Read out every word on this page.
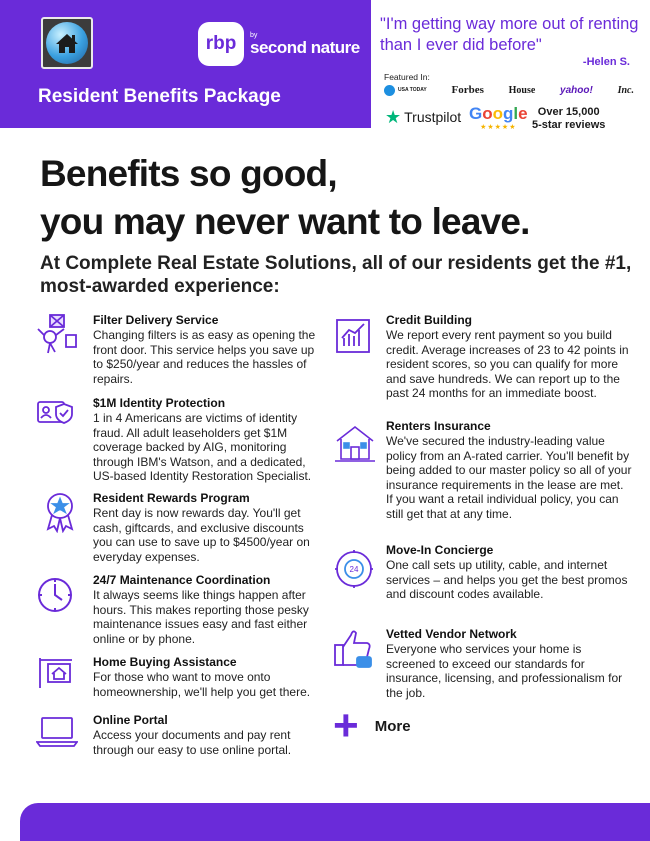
rbp	by
second nature
Resident Benefits Package
"I'm getting way more out of renting than I ever did before"
-Helen S.
Featured In:
USA TODAY Forbes House yahoo! Inc.
★ Trustpilot Google
★★★★★
Over 15,000
5-star reviews
Benefits so good,
you may never want to leave.
At Complete Real Estate Solutions, all of our residents get the #1, most-awarded experience:
Filter Delivery Service
Changing filters is as easy as opening the front door. This service helps you save up to $250/year and reduces the hassles of repairs.
$1M Identity Protection
1 in 4 Americans are victims of identity fraud. All adult leaseholders get $1M coverage backed by AIG, monitoring through IBM's Watson, and a dedicated, US-based Identity Restoration Specialist.
Resident Rewards Program
Rent day is now rewards day. You'll get cash, giftcards, and exclusive discounts you can use to save up to $4500/year on everyday expenses.
24/7 Maintenance Coordination
It always seems like things happen after hours. This makes reporting those pesky maintenance issues easy and fast either online or by phone.
Home Buying Assistance
For those who want to move onto homeownership, we'll help you get there.
Online Portal
Access your documents and pay rent through our easy to use online portal.
Credit Building
We report every rent payment so you build credit. Average increases of 23 to 42 points in resident scores, so you can qualify for more and save hundreds. We can report up to the past 24 months for an immediate boost.
Renters Insurance
We've secured the industry-leading value policy from an A-rated carrier. You'll benefit by being added to our master policy so all of your insurance requirements in the lease are met. If you want a retail individual policy, you can still get that at any time.
24
Move-In Concierge
One call sets up utility, cable, and internet services – and helps you get the best promos and discount codes available.
Vetted Vendor Network
Everyone who services your home is screened to exceed our standards for insurance, licensing, and professionalism for the job.
+ More
